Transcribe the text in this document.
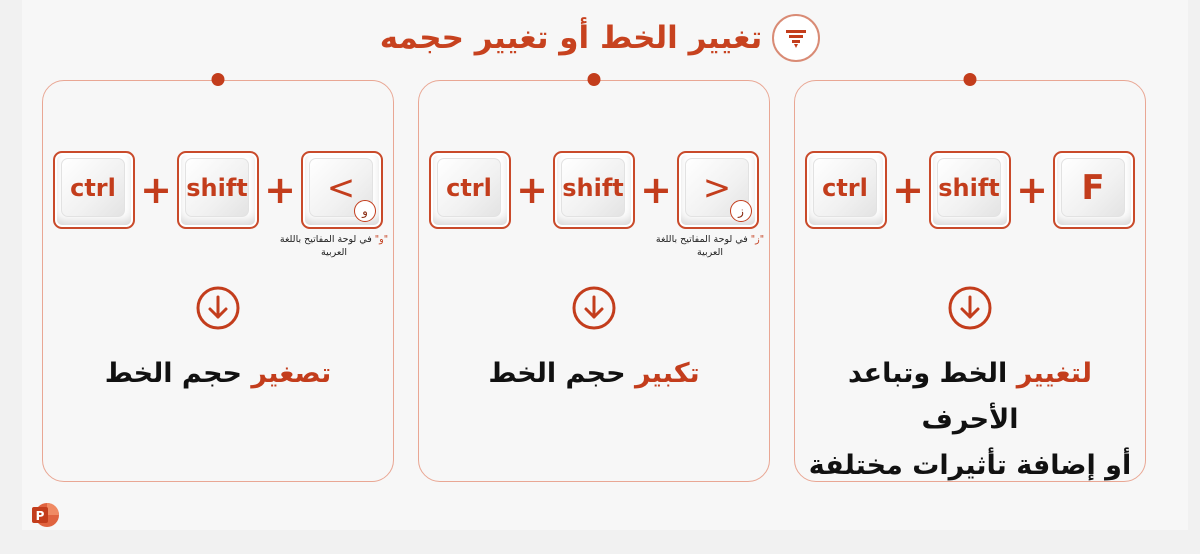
تغيير الخط أو تغيير حجمه
ctrl + shift + <
و
"و" في لوحة المفاتيح باللغة العربية
تصغير حجم الخط
ctrl + shift + >
ز
"ز" في لوحة المفاتيح باللغة العربية
تكبير حجم الخط
ctrl + shift + F
لتغيير الخط وتباعد الأحرف
أو إضافة تأثيرات مختلفة
P
